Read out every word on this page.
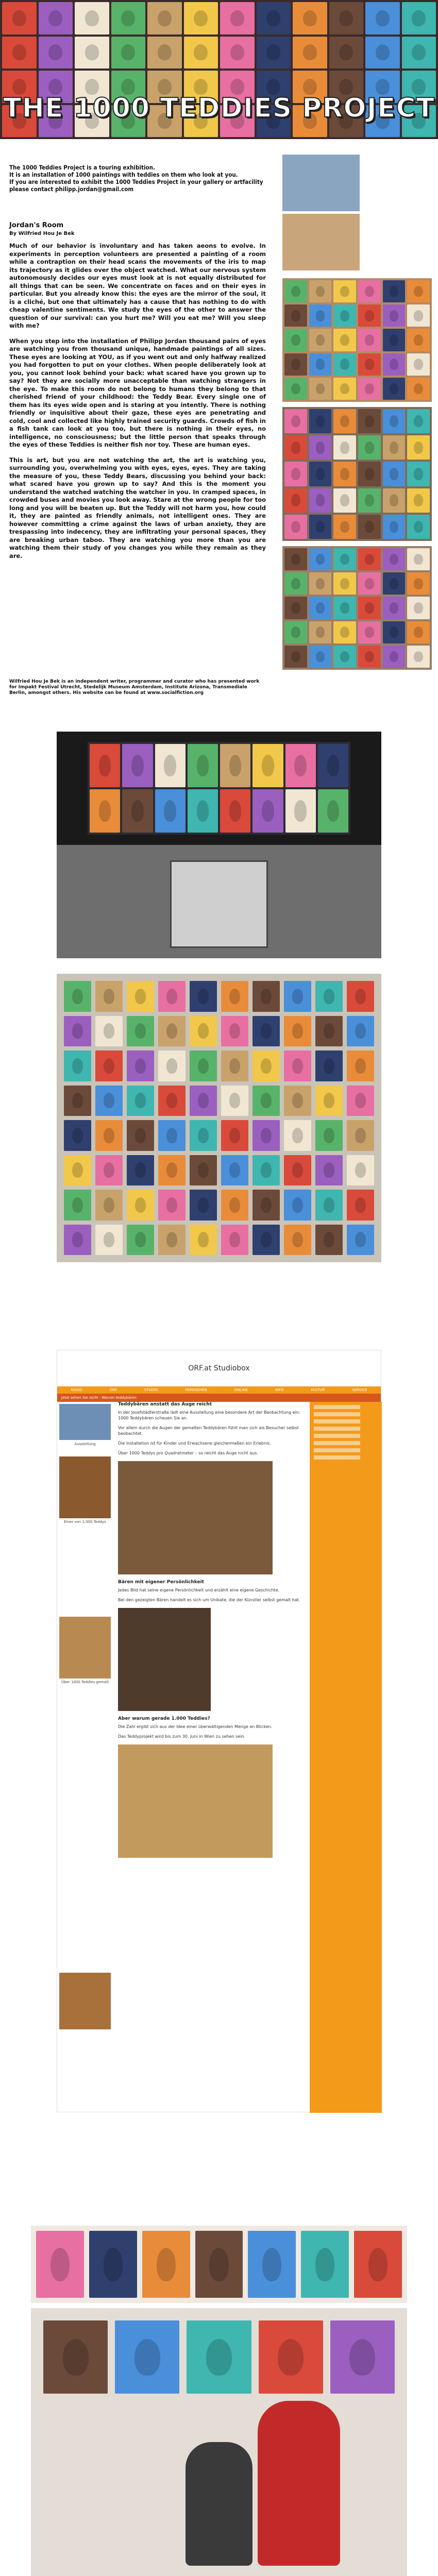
THE 1000 TEDDIES PROJECT
The 1000 Teddies Project is a touring exhibition.
It is an installation of 1000 paintings with teddies on them who look at you.
If you are interested to exhibit the 1000 Teddies Project in your gallery or artfacility
please contact philipp.jordan@gmail.com
Jordan's Room
By Wilfried Hou Je Bek

Much of our behavior is involuntary and has taken aeons to evolve. In experiments in perception volunteers are presented a painting of a room while a contraption on their head scans the movements of the iris to map its trajectory as it glides over the object watched. What our nervous system autonomously decides our eyes must look at is not equally distributed for all things that can be seen. We concentrate on faces and on their eyes in particular. But you already know this: the eyes are the mirror of the soul, it is a cliché, but one that ultimately has a cause that has nothing to do with cheap valentine sentiments. We study the eyes of the other to answer the question of our survival: can you hurt me? Will you eat me? Will you sleep with me?

When you step into the installation of Philipp Jordan thousand pairs of eyes are watching you from thousand unique, handmade paintings of all sizes. These eyes are looking at YOU, as if you went out and only halfway realized you had forgotten to put on your clothes. When people deliberately look at you, you cannot look behind your back: what scared have you grown up to say? Not they are socially more unacceptable than watching strangers in the eye. To make this room do not belong to humans they belong to that cherished friend of your childhood: the Teddy Bear. Every single one of them has its eyes wide open and is staring at you intently. There is nothing friendly or inquisitive about their gaze, these eyes are penetrating and cold, cool and collected like highly trained security guards. Crowds of fish in a fish tank can look at you too, but there is nothing in their eyes, no intelligence, no consciousness; but the little person that speaks through the eyes of these Teddies is neither fish nor toy. These are human eyes.

This is art, but you are not watching the art, the art is watching you, surrounding you, overwhelming you with eyes, eyes, eyes. They are taking the measure of you, these Teddy Bears, discussing you behind your back: what scared have you grown up to say? And this is the moment you understand the watched watching the watcher in you. In cramped spaces, in crowded buses and movies you look away. Stare at the wrong people for too long and you will be beaten up. But the Teddy will not harm you, how could it, they are painted as friendly animals, not intelligent ones. They are however committing a crime against the laws of urban anxiety, they are trespassing into indecency, they are infiltrating your personal spaces, they are breaking urban taboo. They are watching you more than you are watching them their study of you changes you while they remain as they are.

Wilfried Hou Je Bek is an independent writer, programmer and curator who has presented work for Impakt Festival Utrecht, Stedelijk Museum Amsterdam, Institute Arizona, Transmediale Berlin, amongst others. His website can be found at www.socialfiction.org
ORF.at Studiobox
RADIO	ORF	STUDIO	FERNSEHEN	ONLINE	INFO	KULTUR	SERVICE
Jetzt sehen Sie nicht - Warum teddybären
Ausstellung
Einer von 1.000 Teddys
Über 1000 Teddies gemalt
Teddybären anstatt das Auge reicht

In der Josefstädterstraße lädt eine Ausstellung eine besondere Art der Beobachtung ein: 1000 Teddybären schauen Sie an.

Vor allem durch die Augen der gemalten Teddybären fühlt man sich als Besucher selbst beobachtet.

Die Installation ist für Kinder und Erwachsene gleichermaßen ein Erlebnis.

Über 1000 Teddys pro Quadratmeter – so reicht das Auge nicht aus.

Bären mit eigener Persönlichkeit

Jedes Bild hat seine eigene Persönlichkeit und erzählt eine eigene Geschichte.

Bei den gezeigten Bären handelt es sich um Unikate, die der Künstler selbst gemalt hat.

Aber warum gerade 1.000 Teddies?

Die Zahl ergibt sich aus der Idee einer überwältigenden Menge an Blicken.

Das Teddyprojekt wird bis zum 30. Juni in Wien zu sehen sein.
